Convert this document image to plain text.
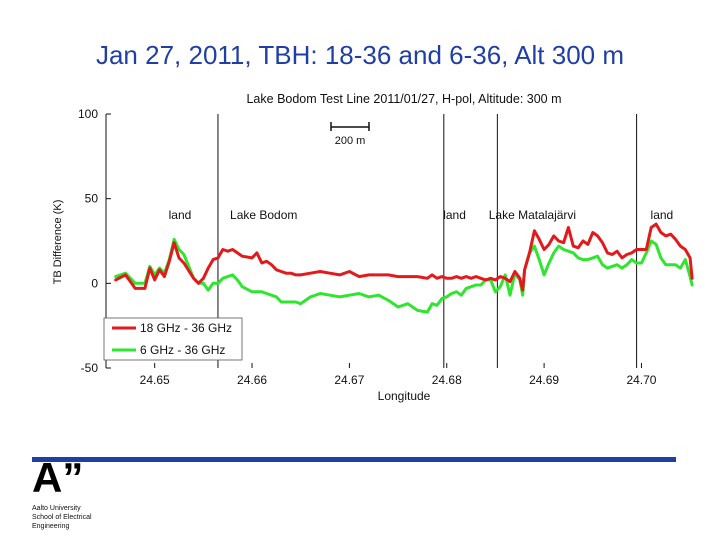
Jan 27, 2011, TBH: 18-36 and 6-36, Alt 300 m
Lake Bodom Test Line 2011/01/27, H-pol, Altitude: 300 m
100
50
0
-50
24.65	24.66	24.67	24.68	24.69	24.70
land	Lake Bodom	land Lake Matalajärvi	land
200 m
Longitude
TB Difference (K)
18 GHz - 36 GHz
6 GHz - 36 GHz
A”
Aalto University
School of Electrical
Engineering
